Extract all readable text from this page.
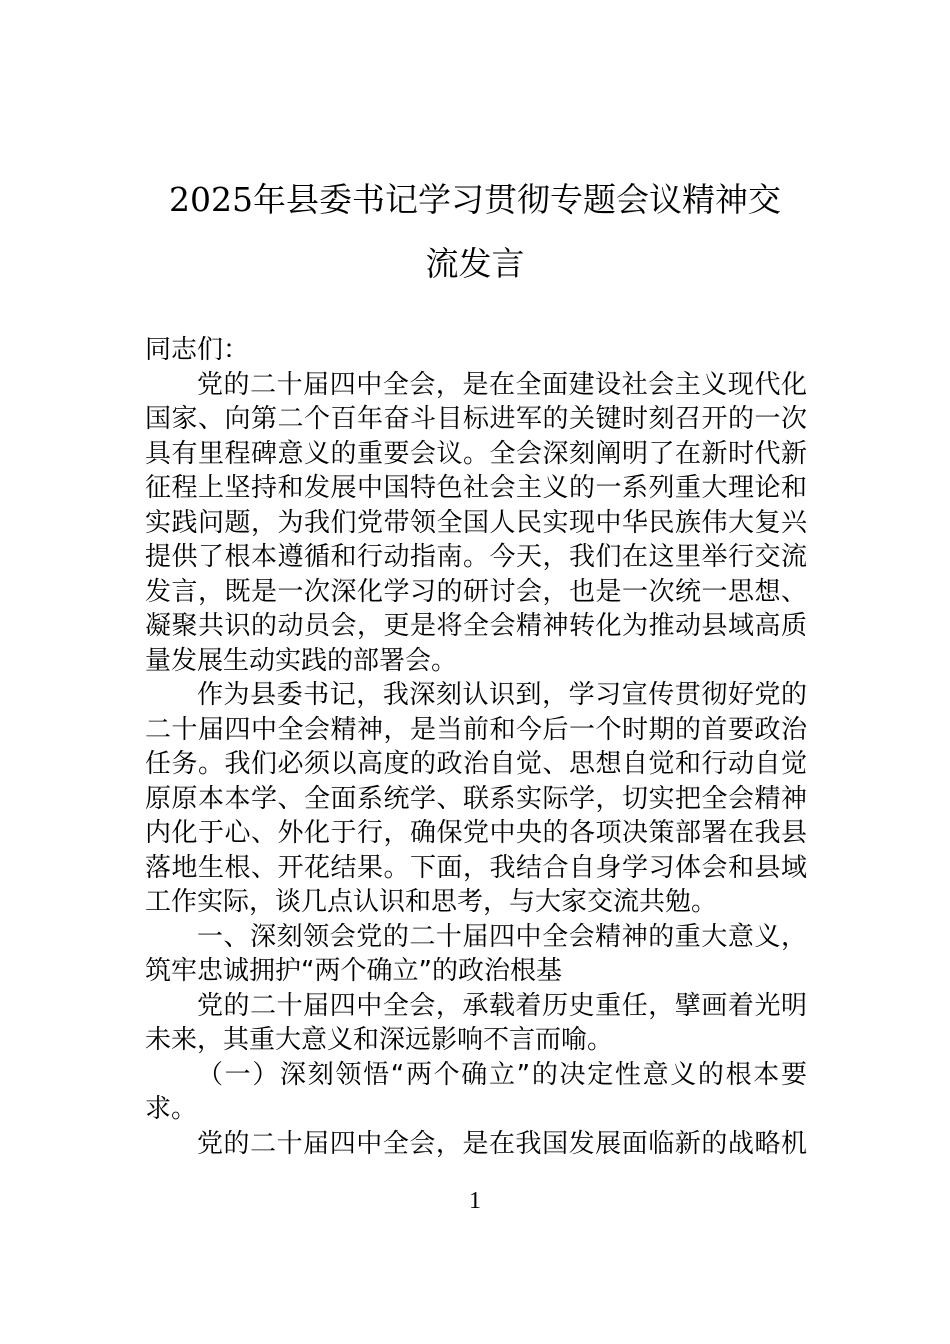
2025年县委书记学习贯彻专题会议精神交
流发言
同志们：
党的二十届四中全会，是在全面建设社会主义现代化
国家、向第二个百年奋斗目标进军的关键时刻召开的一次
具有里程碑意义的重要会议。全会深刻阐明了在新时代新
征程上坚持和发展中国特色社会主义的一系列重大理论和
实践问题，为我们党带领全国人民实现中华民族伟大复兴
提供了根本遵循和行动指南。今天，我们在这里举行交流
发言，既是一次深化学习的研讨会，也是一次统一思想、
凝聚共识的动员会，更是将全会精神转化为推动县域高质
量发展生动实践的部署会。
作为县委书记，我深刻认识到，学习宣传贯彻好党的
二十届四中全会精神，是当前和今后一个时期的首要政治
任务。我们必须以高度的政治自觉、思想自觉和行动自觉
原原本本学、全面系统学、联系实际学，切实把全会精神
内化于心、外化于行，确保党中央的各项决策部署在我县
落地生根、开花结果。下面，我结合自身学习体会和县域
工作实际，谈几点认识和思考，与大家交流共勉。
一、深刻领会党的二十届四中全会精神的重大意义，
筑牢忠诚拥护“两个确立”的政治根基
党的二十届四中全会，承载着历史重任，擘画着光明
未来，其重大意义和深远影响不言而喻。
（一）深刻领悟“两个确立”的决定性意义的根本要
求。
党的二十届四中全会，是在我国发展面临新的战略机
1
